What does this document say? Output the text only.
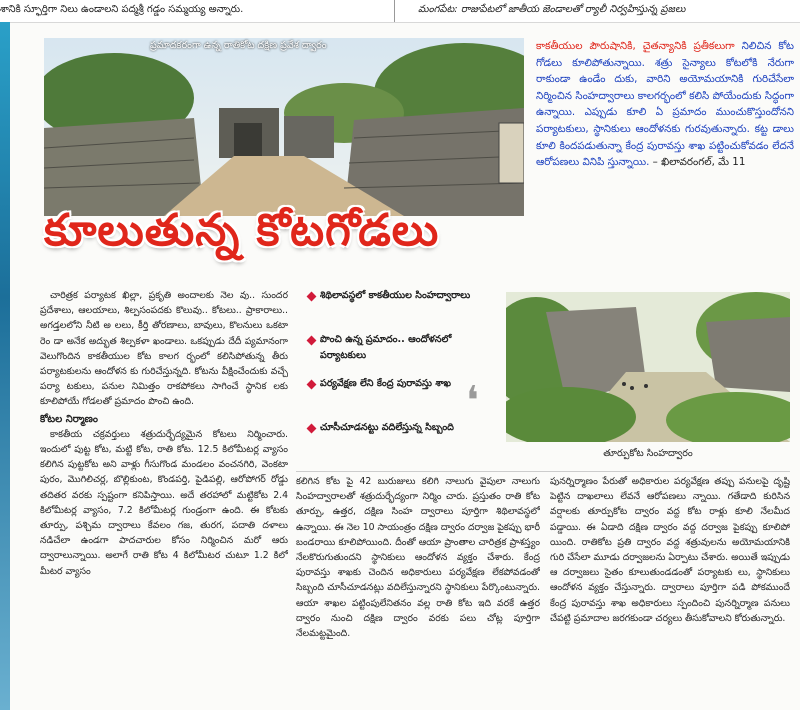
శానికి స్ఫూర్తిగా నిలు ఉండాలని పద్మశ్రీ గడ్డం సమ్మయ్య అన్నారు.	మంగపేట: రాజుపేటలో జాతీయ జెండాలతో ర్యాలీ నిర్వహిస్తున్న ప్రజలు
ప్రమాదకరంగా ఉన్న రాతికోట దక్షిణ ప్రవేశ ద్వారం
కూలుతున్న కోటగోడలు
కాకతీయుల పౌరుషానికి, చైతన్యానికి ప్రతీకలుగా నిలిచిన కోట గోడలు కూలిపోతున్నాయి. శత్రు సైన్యాలు కోటలోకి నేరుగా రాకుండా ఉండేం దుకు, వారిని అయోమయానికి గురిచేసేలా నిర్మించిన సింహద్వారాలు కాలగర్భంలో కలిసి పోయేందుకు సిద్ధంగా ఉన్నాయి. ఎప్పుడు కూలి ఏ ప్రమాదం ముంచుకొస్తుందోనని పర్యాటకులు, స్థానికులు ఆందోళనకు గురవుతున్నారు. కట్ట డాలు కూలి కిందపడుతున్నా కేంద్ర పురావస్తు శాఖ పట్టించుకోవడం లేదనే ఆరోపణలు వినిపి స్తున్నాయి. – ఖిలావరంగల్‌, మే 11

చారిత్రక పర్యాటక ఖిల్లా, ప్రకృతి అందాలకు నెల వు.. సుందర ప్రదేశాలు, ఆలయాలు, శిల్పసంపదకు కొలువు.. కోటలు.. ప్రాకారాలు.. అగడ్తలలోని నీటి అ లలు, కీర్తి తోరణాలు, బావులు, కొలనులు ఒకటా రెం డా అనేక అద్భుత శిల్పకళా ఖండాలు. ఒకప్పుడు దేదీ ప్యమానంగా వెలుగొందిన కాకతీయుల కోట కాలగ ర్భంలో కలిసిపోతున్న తీరు పర్యాటకులను ఆందోళన కు గురిచేస్తున్నది. కోటను వీక్షించేందుకు వచ్చే పర్యా టకులు, పనుల నిమిత్తం రాకపోకలు సాగించే స్థానిక లకు కూలిపోయే గోడలతో ప్రమాదం పొంచి ఉంది.

కోటల నిర్మాణం

కాకతీయ చక్రవర్తులు శత్రుదుర్భేద్యమైన కోటలు నిర్మించారు. ఇందులో పుట్ట కోట, మట్టి కోట, రాతి కోట. 12.5 కిలోమీటర్ల వ్యాసం కలిగిన పుట్టకోట అని వాళ్లు గీసుగొండ మండలం వంచనగిరి, వెంకటా పురం, మొగిలిచర్ల, బొల్లికుంట, కొండపర్తి, పైడిపల్లి, ఆరోపోగర్ రోడ్డు తదితర వరకు స్పష్టంగా కనిపిస్తాయి. అదే తరహాలో మట్టికోట 2.4 కిలోమీటర్ల వ్యాసం, 7.2 కిలోమీటర్ల గుండ్రంగా ఉంది. ఈ కోటకు తూర్పు, పశ్చిమ ద్వారాలు కేవలం గజ, తురగ, పదాతి దళాలు నడిచేలా ఉండగా పాదచారుల కోసం నిర్మించిన మరో ఆరు ద్వారాలున్నాయి. అలాగే రాతి కోట 4 కిలోమీటర చుటూ 1.2 కిలో మీటర వ్యాసం

శిథిలావస్థలో కాకతీయుల సింహద్వారాలు
పొంచి ఉన్న ప్రమాదం.. ఆందోళనలో పర్యాటకులు
పర్యవేక్షణ లేని కేంద్ర పురావస్తు శాఖ
చూసీచూడనట్టు వదిలేస్తున్న సిబ్బంది
❛
తూర్పుకోట సింహద్వారం

కలిగిన కోట పై 42 బురుజులు కలిగి నాలుగు వైపులా నాలుగు సింహద్వారాలతో శత్రుదుర్భేద్యంగా నిర్మిం చారు. ప్రస్తుతం రాతి కోట తూర్పు, ఉత్తర, దక్షిణ సింహ ద్వారాలు పూర్తిగా శిథిలావస్థలో ఉన్నాయి. ఈ నెల 10 సాయంత్రం దక్షిణ ద్వారం దర్వాజ పైకప్పు భారీ బండరాయి కూలిపోయింది. దీంతో ఆయా ప్రాంతాల చారిత్రక ప్రాశస్త్యం నేలకొరుగుతుందని స్థానికులు ఆందోళన వ్యక్తం చేశారు. కేంద్ర పురావస్తు శాఖకు చెందిన అధికారులు పర్యవేక్షణ లేకపోవడంతో సిబ్బంది చూసీచూడనట్లు వదిలేస్తున్నారని స్థానికులు పేర్కొంటున్నారు. ఆయా శాఖల పట్టింపులేనితనం వల్ల రాతి కోట ఇది వరకే ఉత్తర ద్వారం నుంచి దక్షిణ ద్వారం వరకు పలు చోట్ల పూర్తిగా నేలమట్టమైంది.

పునర్నిర్మాణం పేరుతో అధికారుల పర్యవేక్షణ తప్పు పనులపై దృష్టి పెట్టిన దాఖలాలు లేవనే ఆరోపణలు న్నాయి. గతేడాది కురిసిన వర్షాలకు తూర్పుకోట ద్వారం వద్ద కోట రాళ్లు కూలి నేలమీద పడ్డాయి. ఈ ఏడాది దక్షిణ ద్వారం వద్ద దర్వాజ పైకప్పు కూలిపో యింది. రాతికోట ప్రతి ద్వారం వద్ద శత్రువులను అయోమయానికి గురి చేసేలా మూడు దర్వాజలను ఏర్పాటు చేశారు. అయితే ఇప్పుడు ఆ దర్వాజలు సైతం కూలుతుండడంతో పర్యాటకు లు, స్థానికులు ఆందోళన వ్యక్తం చేస్తున్నారు. ద్వారాలు పూర్తిగా పడి పోకముందే కేంద్ర పురావస్తు శాఖ అధికారులు స్పందించి పునర్నిర్మాణ పనులు చేపట్టి ప్రమాదాల జరగకుండా చర్యలు తీసుకోవాలని కోరుతున్నారు.
